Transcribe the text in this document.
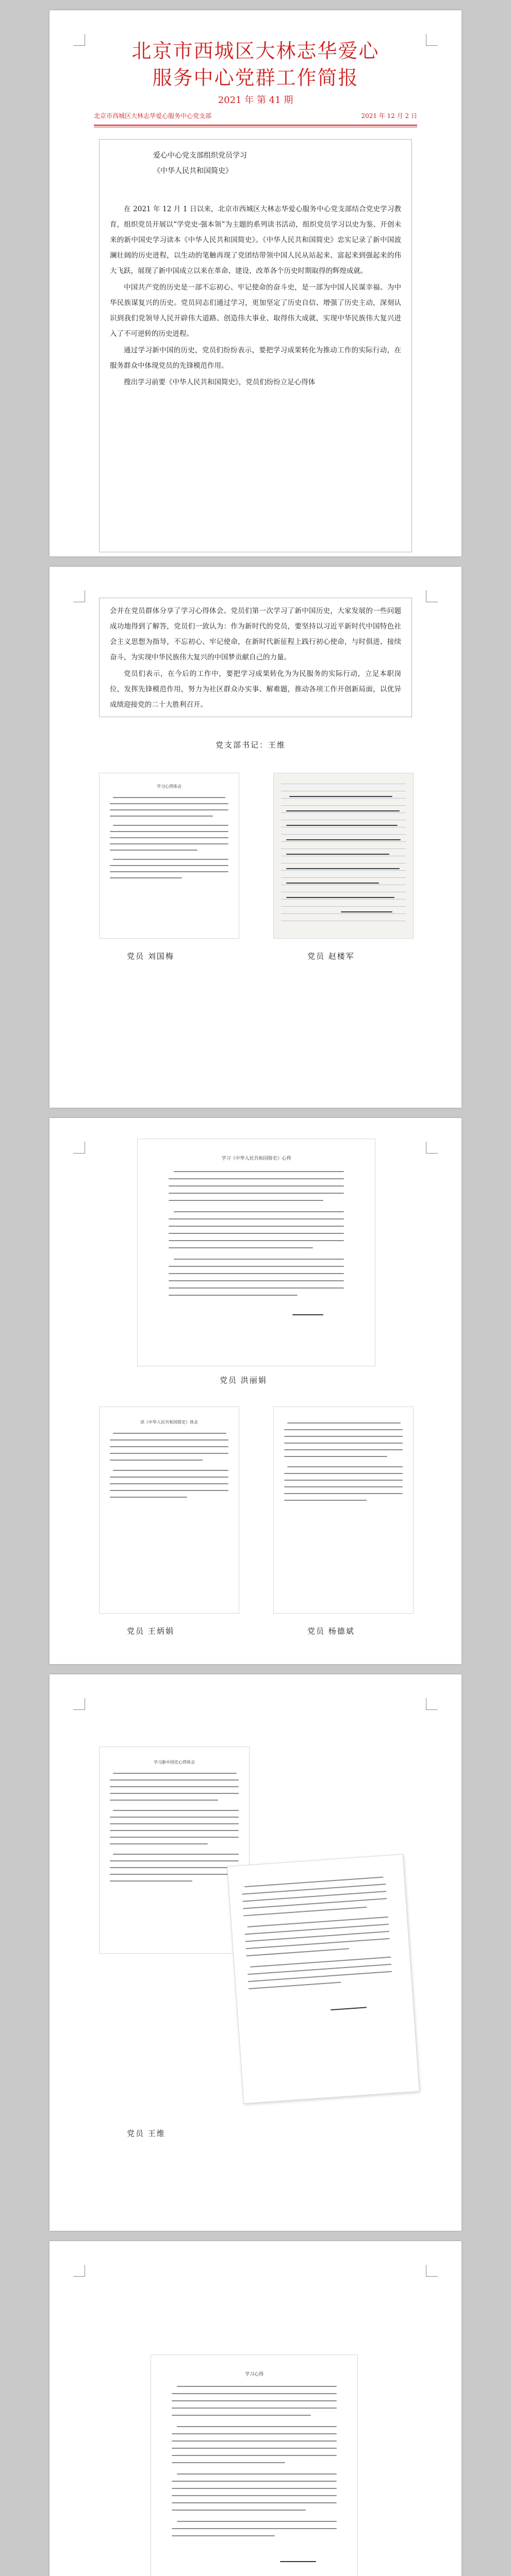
北京市西城区大林志华爱心
服务中心党群工作简报
2021 年 第 41 期
北京市西城区大林志华爱心服务中心党支部	2021 年 12 月 2 日
爱心中心党支部组织党员学习
《中华人民共和国简史》

在 2021 年 12 月 1 日以来，北京市西城区大林志华爱心服务中心党支部结合党史学习教育，组织党员开展以“学党史·强本领”为主题的系列读书活动，组织党员学习以史为鉴、开创未来的新中国史学习读本《中华人民共和国简史》。《中华人民共和国简史》忠实记录了新中国波澜壮阔的历史进程，以生动的笔触再现了党团结带领中国人民从站起来、富起来到强起来的伟大飞跃，展现了新中国成立以来在革命、建设、改革各个历史时期取得的辉煌成就。

中国共产党的历史是一部不忘初心、牢记使命的奋斗史，是一部为中国人民谋幸福、为中华民族谋复兴的历史。党员同志们通过学习，更加坚定了历史自信、增强了历史主动，深刻认识到我们党领导人民开辟伟大道路、创造伟大事业、取得伟大成就，实现中华民族伟大复兴进入了不可逆转的历史进程。

通过学习新中国的历史，党员们纷纷表示，要把学习成果转化为推动工作的实际行动，在服务群众中体现党员的先锋模范作用。

搜出学习前要《中华人民共和国简史》，党员们纷纷立足心得体

会并在党员群体分享了学习心得体会。党员们第一次学习了新中国历史，大家发展的一些问题成功地得到了解答，党员们一致认为：作为新时代的党员，要坚持以习近平新时代中国特色社会主义思想为指导，不忘初心、牢记使命，在新时代新征程上践行初心使命，与时俱进、接续奋斗，为实现中华民族伟大复兴的中国梦贡献自己的力量。

党员们表示，在今后的工作中，要把学习成果转化为为民服务的实际行动，立足本职岗位，发挥先锋模范作用，努力为社区群众办实事、解难题，推动各项工作开创新局面，以优异成绩迎接党的二十大胜利召开。

党支部书记：王维
学习心得体会
党员 刘国梅	党员 赵楼军
学习《中华人民共和国简史》心得
党员 洪丽娟
读《中华人民共和国简史》体会
党员 王炳娟	党员 杨德斌
学习新中国史心得体会
党员 王维
学习心得
